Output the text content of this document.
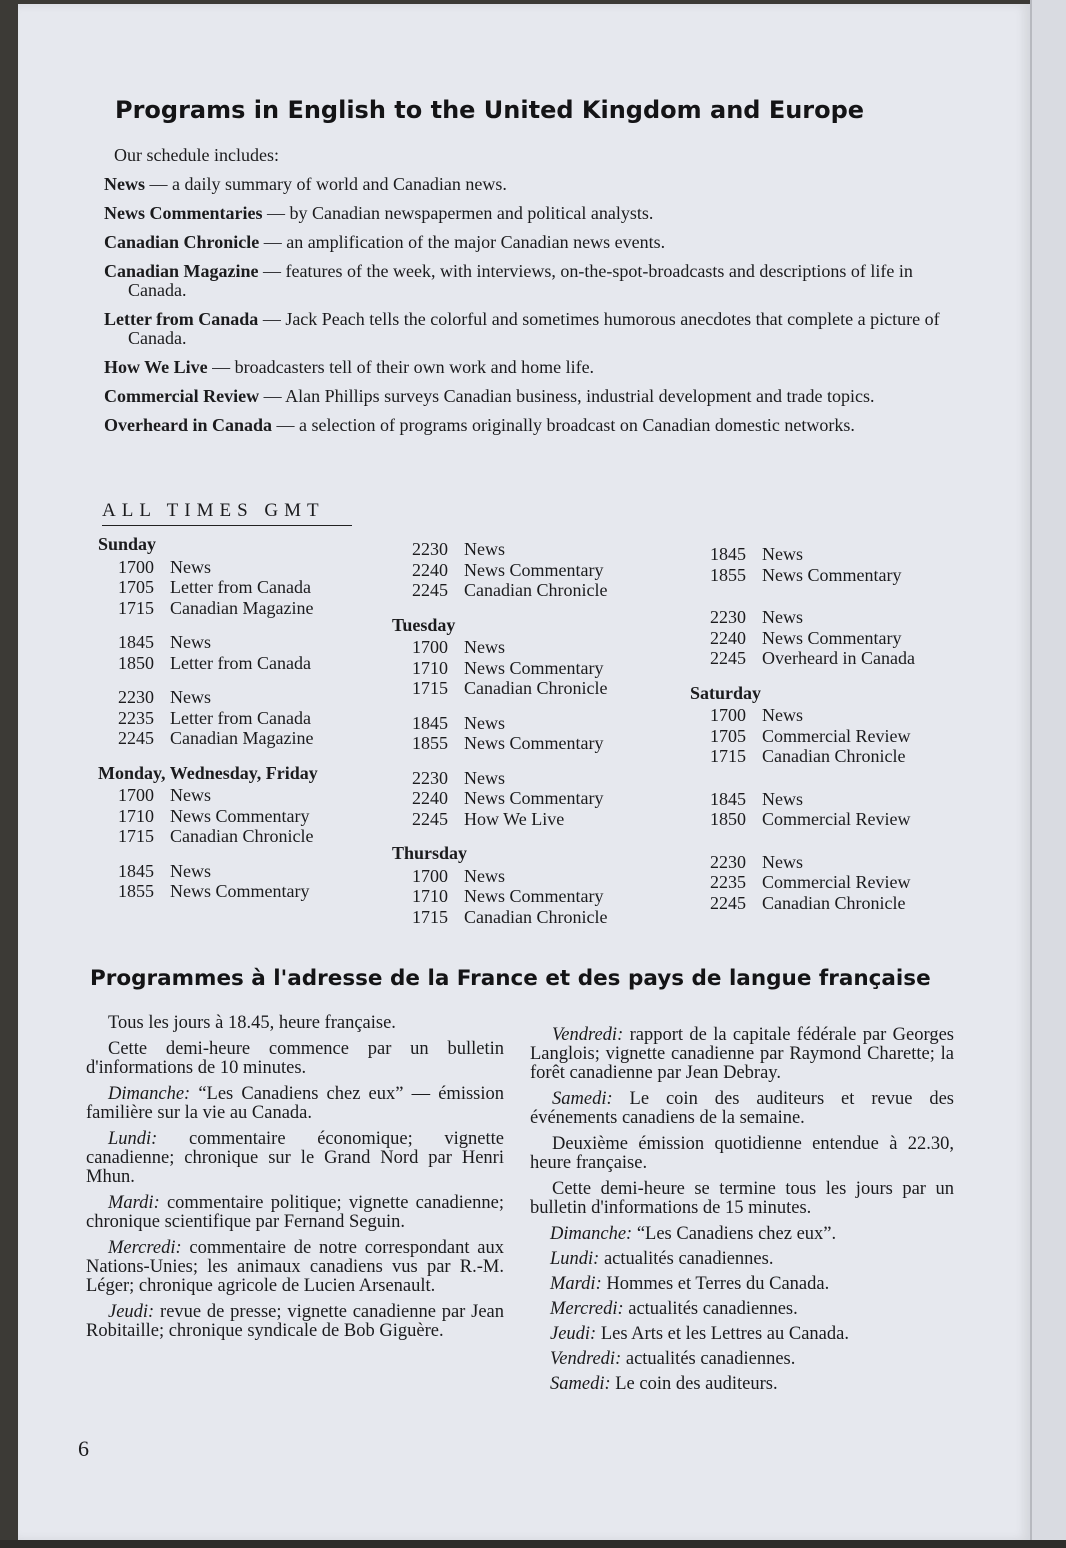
Programs in English to the United Kingdom and Europe

Our schedule includes:

News — a daily summary of world and Canadian news.

News Commentaries — by Canadian newspapermen and political analysts.

Canadian Chronicle — an amplification of the major Canadian news events.

Canadian Magazine — features of the week, with interviews, on-the-spot-broadcasts and descriptions of life in Canada.

Letter from Canada — Jack Peach tells the colorful and sometimes humorous anecdotes that complete a picture of Canada.

How We Live — broadcasters tell of their own work and home life.

Commercial Review — Alan Phillips surveys Canadian business, industrial development and trade topics.

Overheard in Canada — a selection of programs originally broadcast on Canadian domestic networks.

ALL TIMES GMT
Sunday
1700 News
1705 Letter from Canada
1715 Canadian Magazine
1845 News
1850 Letter from Canada
2230 News
2235 Letter from Canada
2245 Canadian Magazine
Monday, Wednesday, Friday
1700 News
1710 News Commentary
1715 Canadian Chronicle
1845 News
1855 News Commentary
2230 News
2240 News Commentary
2245 Canadian Chronicle
Tuesday
1700 News
1710 News Commentary
1715 Canadian Chronicle
1845 News
1855 News Commentary
2230 News
2240 News Commentary
2245 How We Live
Thursday
1700 News
1710 News Commentary
1715 Canadian Chronicle
1845 News
1855 News Commentary
2230 News
2240 News Commentary
2245 Overheard in Canada
Saturday
1700 News
1705 Commercial Review
1715 Canadian Chronicle
1845 News
1850 Commercial Review
2230 News
2235 Commercial Review
2245 Canadian Chronicle
Programmes à l'adresse de la France et des pays de langue française

Tous les jours à 18.45, heure française.

Cette demi-heure commence par un bulletin d'informations de 10 minutes.

Dimanche: “Les Canadiens chez eux” — émission familière sur la vie au Canada.

Lundi: commentaire économique; vignette canadienne; chronique sur le Grand Nord par Henri Mhun.

Mardi: commentaire politique; vignette canadienne; chronique scientifique par Fernand Seguin.

Mercredi: commentaire de notre correspondant aux Nations-Unies; les animaux canadiens vus par R.-M. Léger; chronique agricole de Lucien Arsenault.

Jeudi: revue de presse; vignette canadienne par Jean Robitaille; chronique syndicale de Bob Giguère.

Vendredi: rapport de la capitale fédérale par Georges Langlois; vignette canadienne par Raymond Charette; la forêt canadienne par Jean Debray.

Samedi: Le coin des auditeurs et revue des événements canadiens de la semaine.

Deuxième émission quotidienne entendue à 22.30, heure française.

Cette demi-heure se termine tous les jours par un bulletin d'informations de 15 minutes.

Dimanche: “Les Canadiens chez eux”.

Lundi: actualités canadiennes.

Mardi: Hommes et Terres du Canada.

Mercredi: actualités canadiennes.

Jeudi: Les Arts et les Lettres au Canada.

Vendredi: actualités canadiennes.

Samedi: Le coin des auditeurs.

6
